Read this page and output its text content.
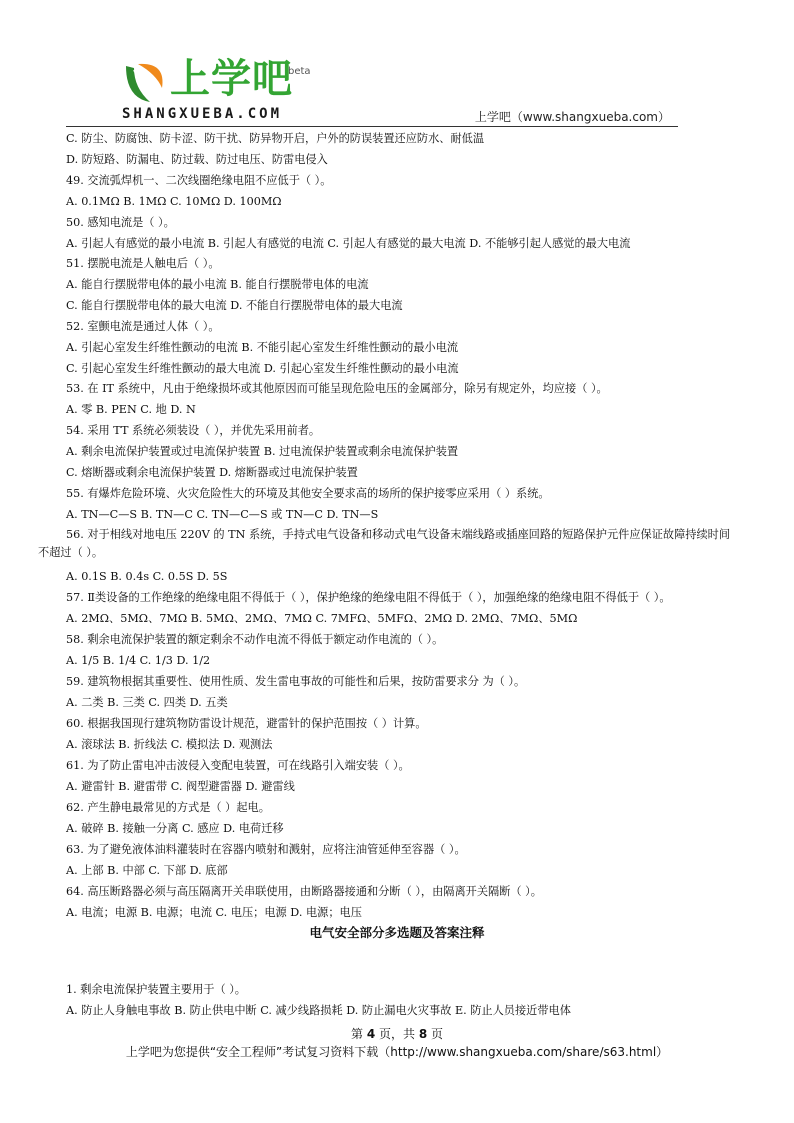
上学吧
beta
SHANGXUEBA.COM	上学吧（www.shangxueba.com）
C. 防尘、防腐蚀、防卡涩、防干扰、防异物开启，户外的防误装置还应防水、耐低温
D. 防短路、防漏电、防过载、防过电压、防雷电侵入
49. 交流弧焊机一、二次线圈绝缘电阻不应低于（ ）。
A. 0.1MΩ B. 1MΩ C. 10MΩ D. 100MΩ
50. 感知电流是（ ）。
A. 引起人有感觉的最小电流 B. 引起人有感觉的电流 C. 引起人有感觉的最大电流 D. 不能够引起人感觉的最大电流
51. 摆脱电流是人触电后（ ）。
A. 能自行摆脱带电体的最小电流 B. 能自行摆脱带电体的电流
C. 能自行摆脱带电体的最大电流 D. 不能自行摆脱带电体的最大电流
52. 室颤电流是通过人体（ ）。
A. 引起心室发生纤维性颤动的电流 B. 不能引起心室发生纤维性颤动的最小电流
C. 引起心室发生纤维性颤动的最大电流 D. 引起心室发生纤维性颤动的最小电流
53. 在 IT 系统中，凡由于绝缘损坏或其他原因而可能呈现危险电压的金属部分，除另有规定外，均应接（ ）。
A. 零 B. PEN C. 地 D. N
54. 采用 TT 系统必须装设（ ），并优先采用前者。
A. 剩余电流保护装置或过电流保护装置 B. 过电流保护装置或剩余电流保护装置
C. 熔断器或剩余电流保护装置 D. 熔断器或过电流保护装置
55. 有爆炸危险环境、火灾危险性大的环境及其他安全要求高的场所的保护接零应采用（ ）系统。
A. TN—C—S B. TN—C C. TN—C—S 或 TN—C D. TN—S
56. 对于相线对地电压 220V 的 TN 系统，手持式电气设备和移动式电气设备末端线路或插座回路的短路保护元件应保证故障持续时间不超过（ ）。
A. 0.1S B. 0.4s C. 0.5S D. 5S
57. Ⅱ类设备的工作绝缘的绝缘电阻不得低于（ ），保护绝缘的绝缘电阻不得低于（ ），加强绝缘的绝缘电阻不得低于（ ）。
A. 2MΩ、5MΩ、7MΩ B. 5MΩ、2MΩ、7MΩ C. 7MFΩ、5MFΩ、2MΩ D. 2MΩ、7MΩ、5MΩ
58. 剩余电流保护装置的额定剩余不动作电流不得低于额定动作电流的（ ）。
A. 1/5 B. 1/4 C. 1/3 D. 1/2
59. 建筑物根据其重要性、使用性质、发生雷电事故的可能性和后果，按防雷要求分 为（ ）。
A. 二类 B. 三类 C. 四类 D. 五类
60. 根据我国现行建筑物防雷设计规范，避雷针的保护范围按（ ）计算。
A. 滚球法 B. 折线法 C. 模拟法 D. 观测法
61. 为了防止雷电冲击波侵入变配电装置，可在线路引入端安装（ ）。
A. 避雷针 B. 避雷带 C. 阀型避雷器 D. 避雷线
62. 产生静电最常见的方式是（ ）起电。
A. 破碎 B. 接触一分离 C. 感应 D. 电荷迁移
63. 为了避免液体油料灌装时在容器内喷射和溅射，应将注油管延伸至容器（ ）。
A. 上部 B. 中部 C. 下部 D. 底部
64. 高压断路器必须与高压隔离开关串联使用，由断路器接通和分断（ ），由隔离开关隔断（ ）。
A. 电流；电源 B. 电源；电流 C. 电压；电源 D. 电源；电压
电气安全部分多选题及答案注释
1. 剩余电流保护装置主要用于（ ）。
A. 防止人身触电事故 B. 防止供电中断 C. 减少线路损耗 D. 防止漏电火灾事故 E. 防止人员接近带电体
第 4 页，共 8 页
上学吧为您提供“安全工程师”考试复习资料下载（http://www.shangxueba.com/share/s63.html）
